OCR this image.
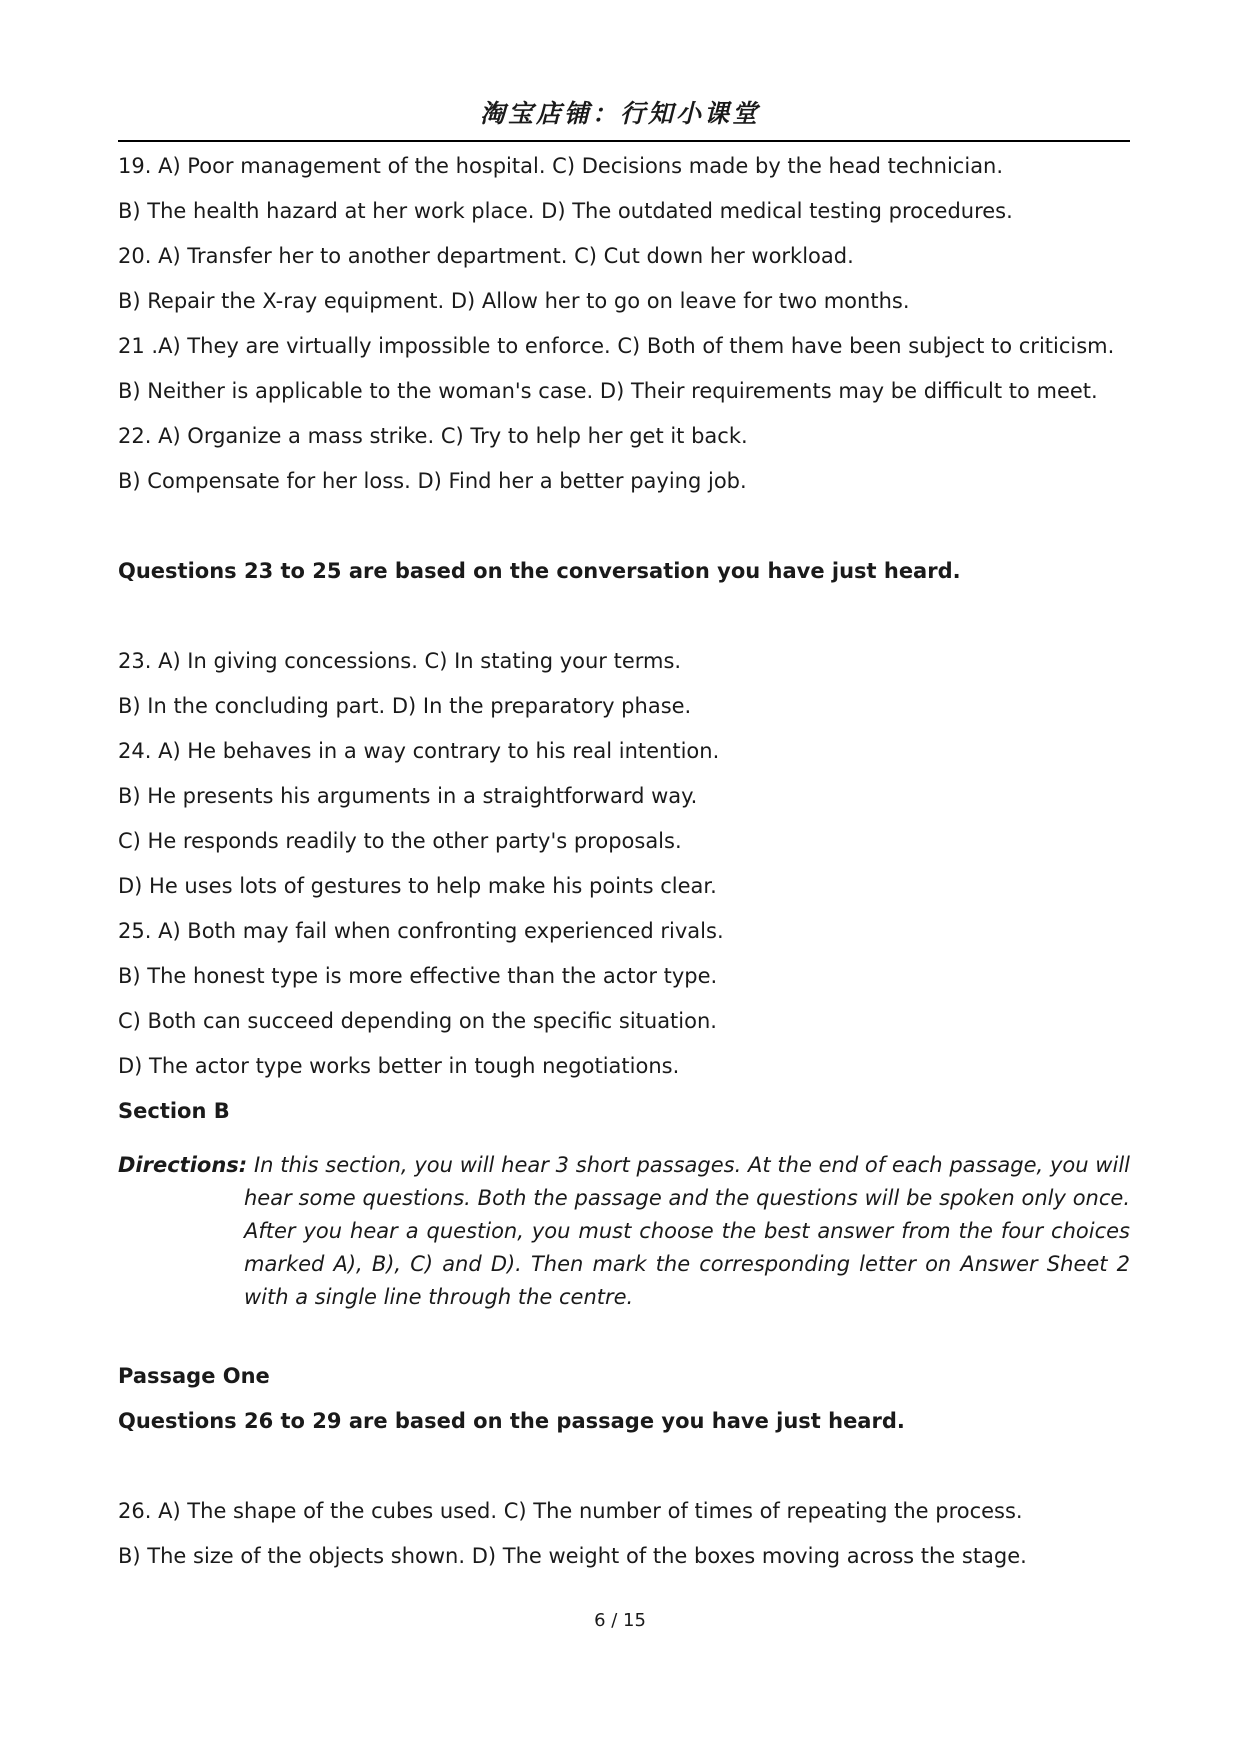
淘宝店铺：行知小课堂
19. A) Poor management of the hospital. C) Decisions made by the head technician.
B) The health hazard at her work place. D) The outdated medical testing procedures.
20. A) Transfer her to another department. C) Cut down her workload.
B) Repair the X-ray equipment. D) Allow her to go on leave for two months.
21 .A) They are virtually impossible to enforce. C) Both of them have been subject to criticism.
B) Neither is applicable to the woman's case. D) Their requirements may be difficult to meet.
22. A) Organize a mass strike. C) Try to help her get it back.
B) Compensate for her loss. D) Find her a better paying job.
Questions 23 to 25 are based on the conversation you have just heard.
23. A) In giving concessions. C) In stating your terms.
B) In the concluding part. D) In the preparatory phase.
24. A) He behaves in a way contrary to his real intention.
B) He presents his arguments in a straightforward way.
C) He responds readily to the other party's proposals.
D) He uses lots of gestures to help make his points clear.
25. A) Both may fail when confronting experienced rivals.
B) The honest type is more effective than the actor type.
C) Both can succeed depending on the specific situation.
D) The actor type works better in tough negotiations.
Section B
Directions: In this section, you will hear 3 short passages. At the end of each passage, you will hear some questions. Both the passage and the questions will be spoken only once. After you hear a question, you must choose the best answer from the four choices marked A), B), C) and D). Then mark the corresponding letter on Answer Sheet 2 with a single line through the centre.
Passage One
Questions 26 to 29 are based on the passage you have just heard.
26. A) The shape of the cubes used. C) The number of times of repeating the process.
B) The size of the objects shown. D) The weight of the boxes moving across the stage.
6 / 15
